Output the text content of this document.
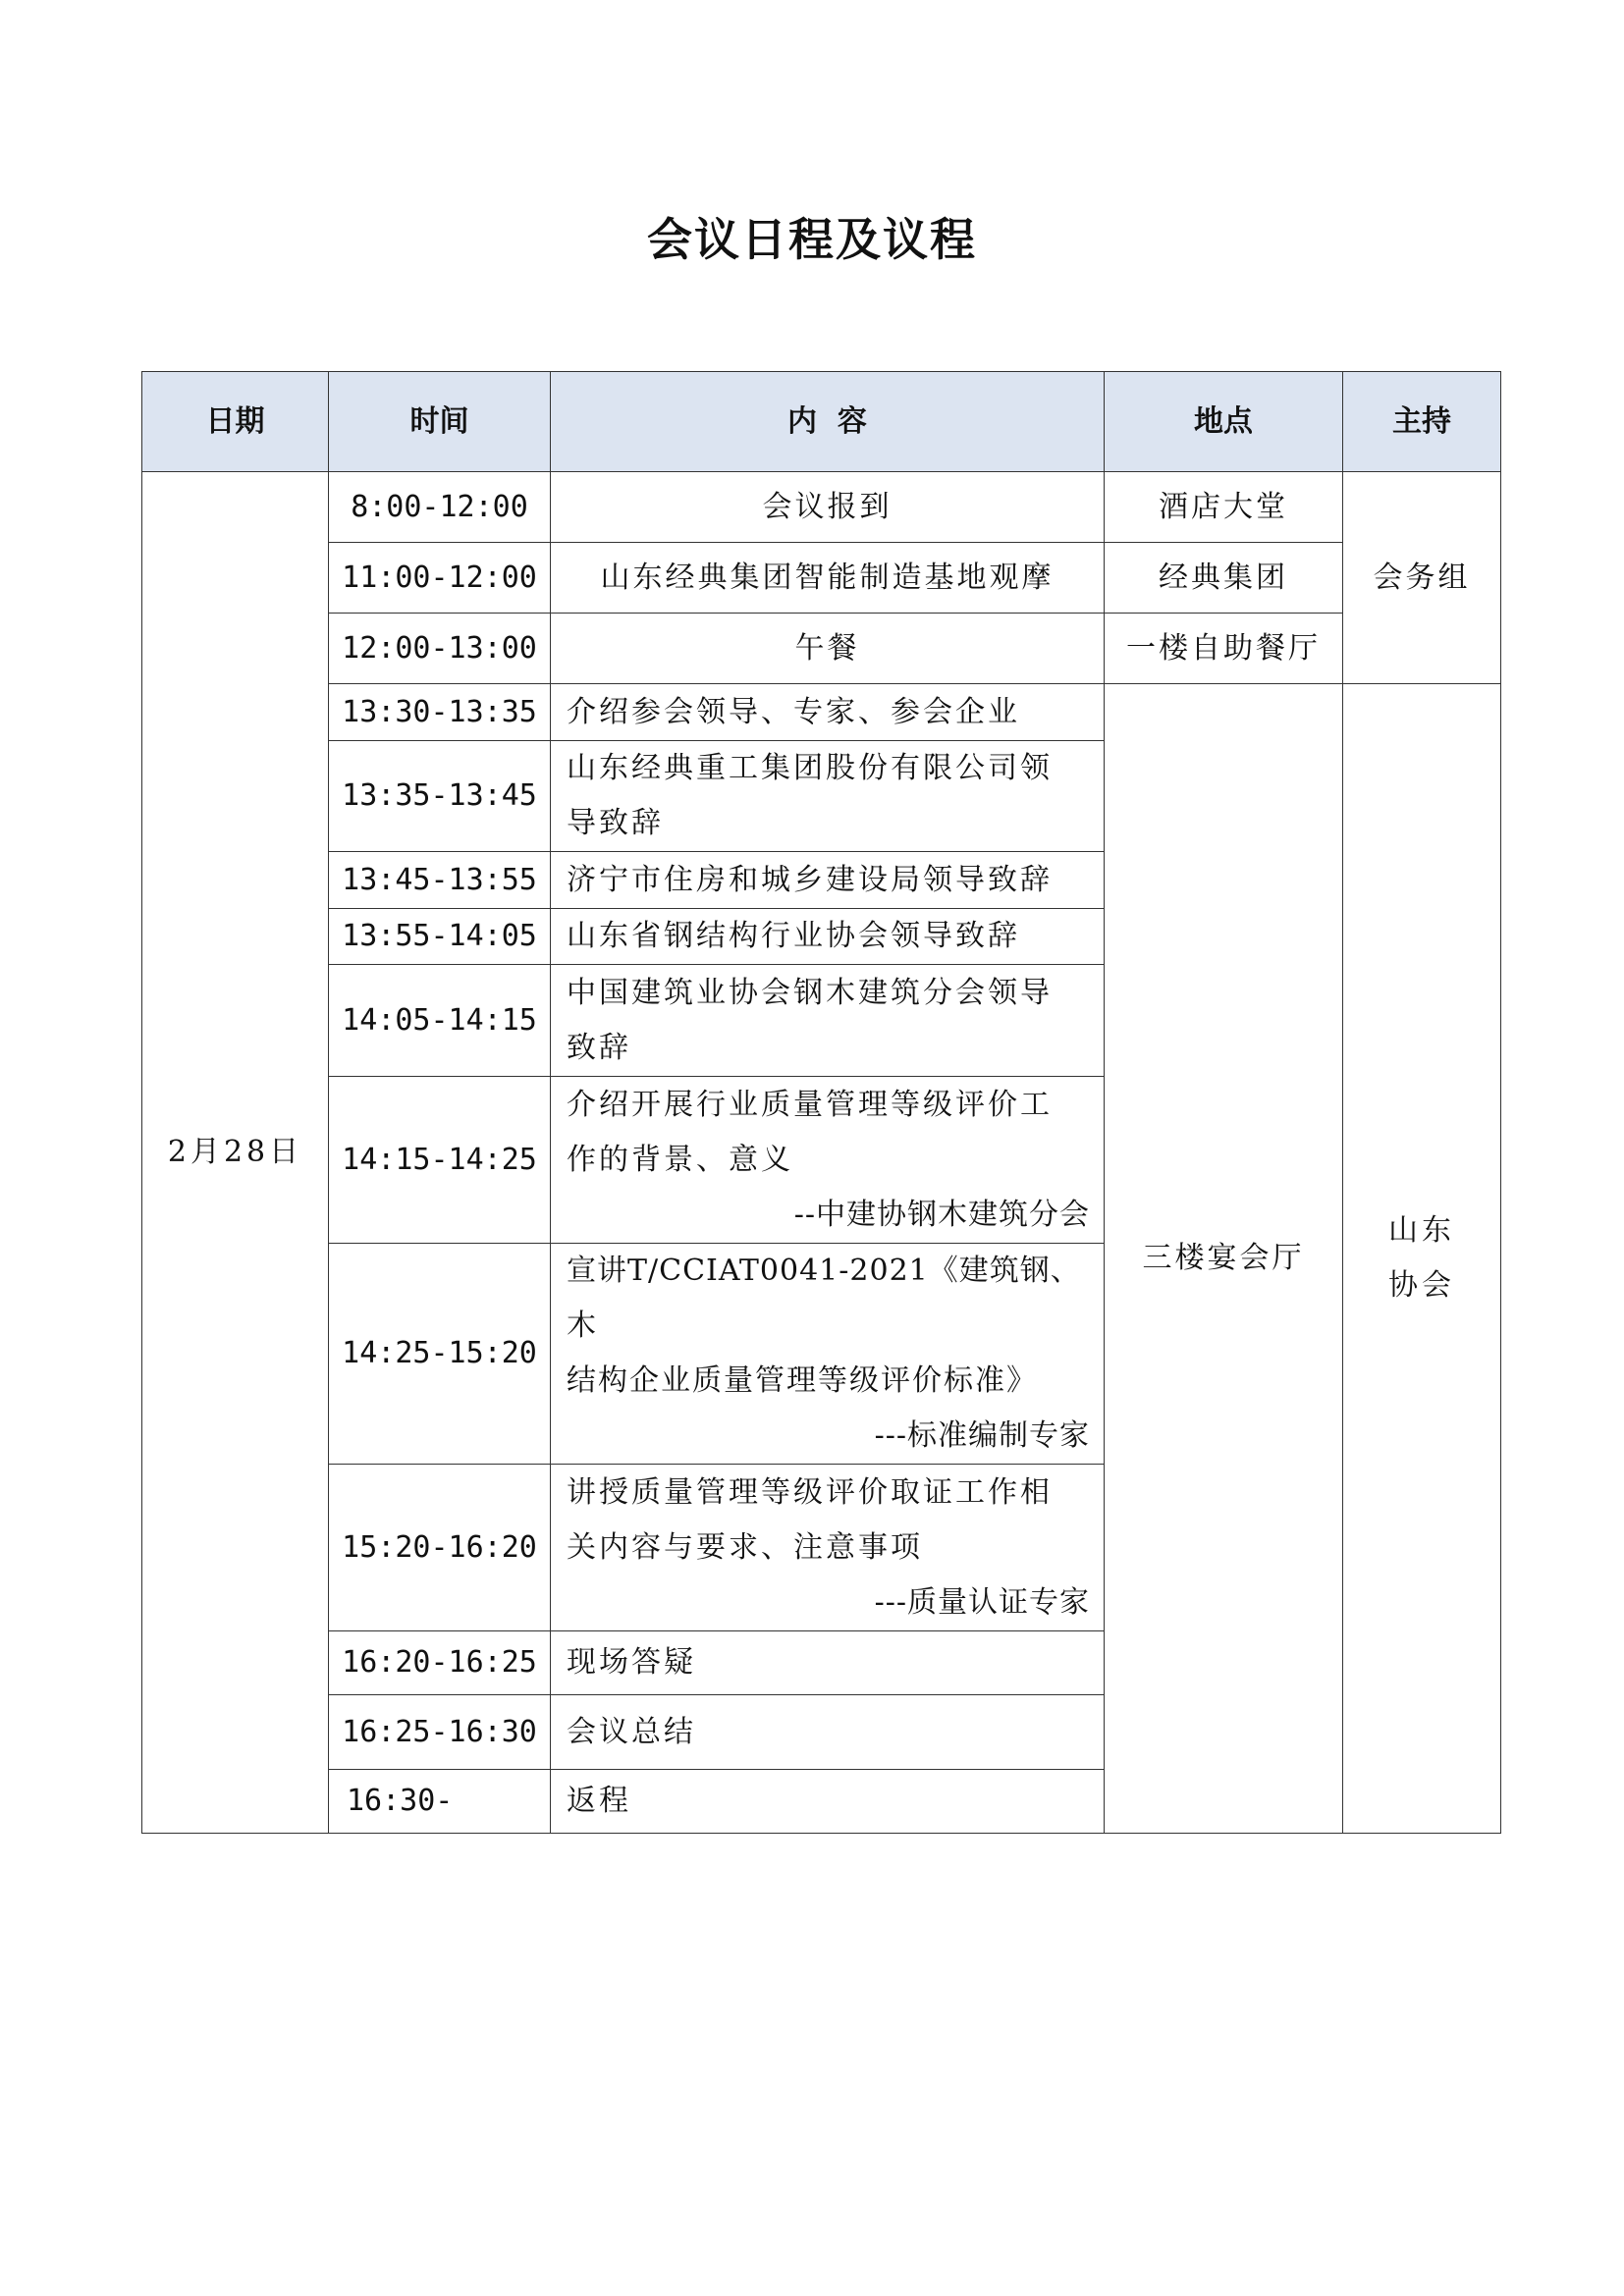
会议日程及议程
日期	时间	内  容	地点	主持
2月28日	8:00-12:00	会议报到	酒店大堂	会务组
	11:00-12:00	山东经典集团智能制造基地观摩	经典集团	
	12:00-13:00	午餐	一楼自助餐厅	
	13:30-13:35	介绍参会领导、专家、参会企业	三楼宴会厅	山东
协会

	13:35-13:45	山东经典重工集团股份有限公司领
导致辞		

	13:45-13:55	济宁市住房和城乡建设局领导致辞		
	13:55-14:05	山东省钢结构行业协会领导致辞		
	14:05-14:15	中国建筑业协会钢木建筑分会领导
致辞		

	14:15-14:25	介绍开展行业质量管理等级评价工
作的背景、意义
--中建协钢木建筑分会		

	14:25-15:20	宣讲T/CCIAT0041-2021《建筑钢、木
结构企业质量管理等级评价标准》
---标准编制专家		

	15:20-16:20	讲授质量管理等级评价取证工作相
关内容与要求、注意事项
---质量认证专家		

	16:20-16:25	现场答疑		
	16:25-16:30	会议总结		
	16:30-	返程		
